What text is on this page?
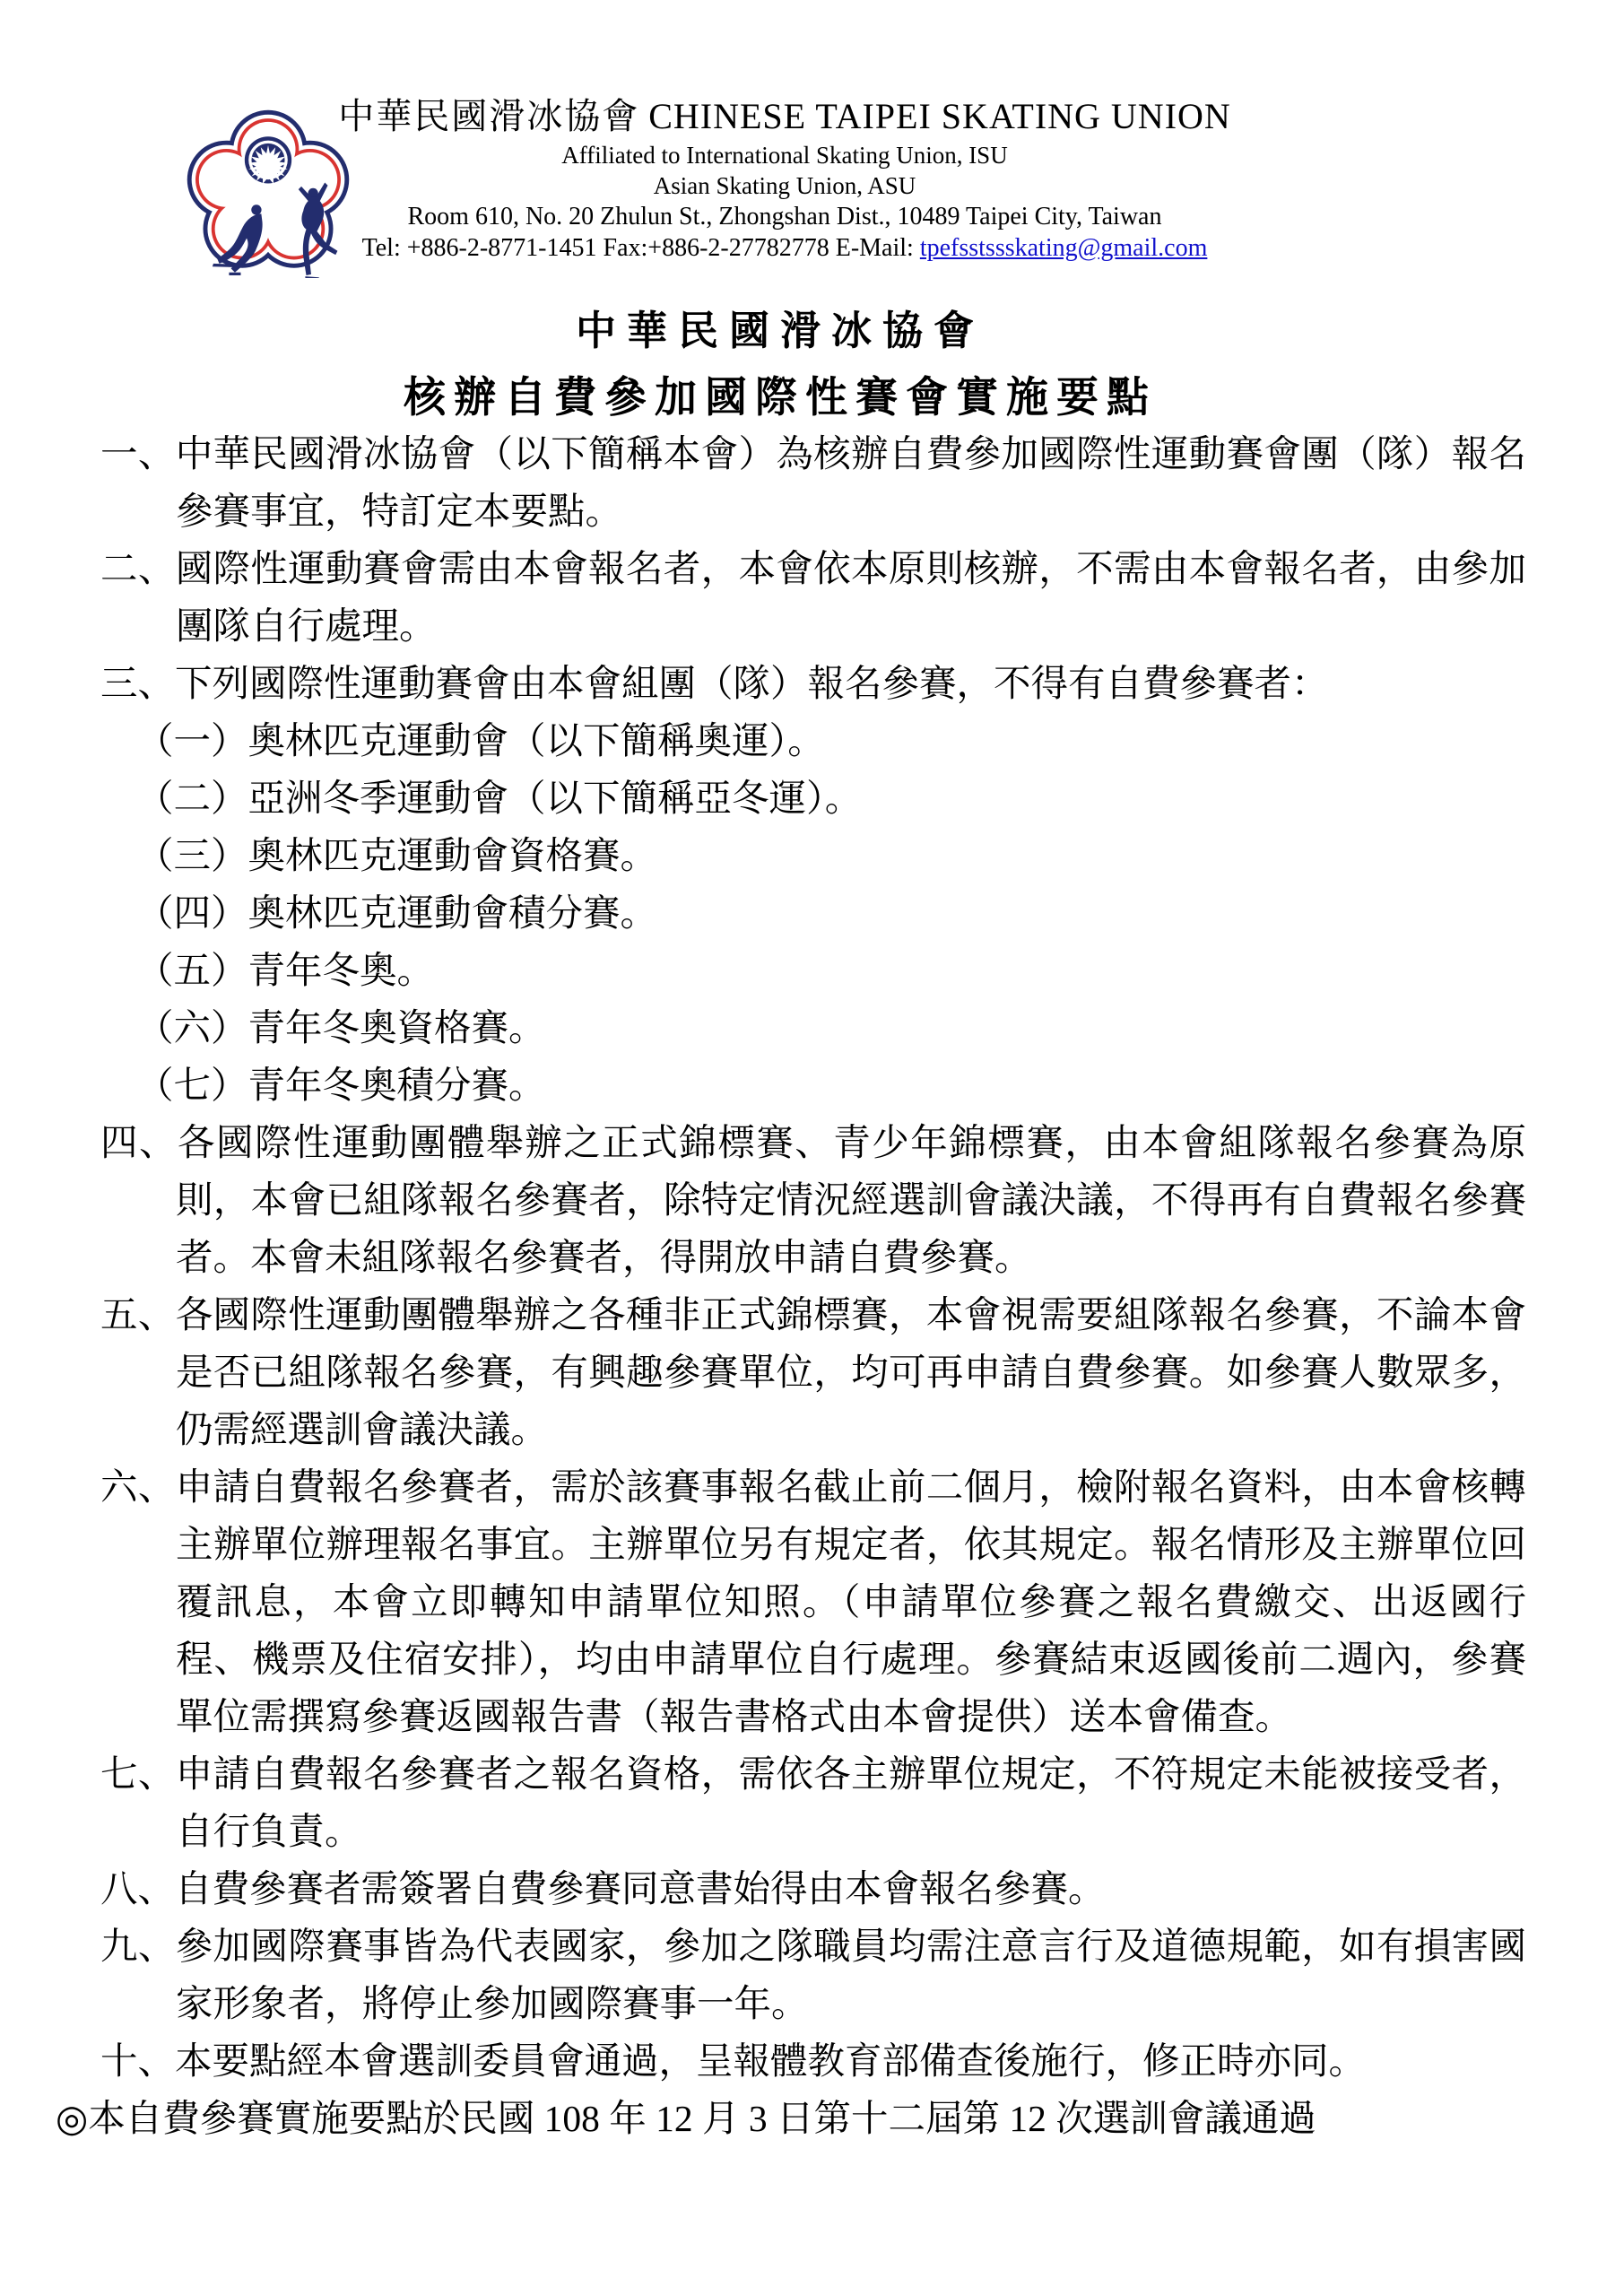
中華民國滑冰協會 CHINESE TAIPEI SKATING UNION
Affiliated to International Skating Union, ISU
Asian Skating Union, ASU
Room 610, No. 20 Zhulun St., Zhongshan Dist., 10489 Taipei City, Taiwan
Tel: +886-2-8771-1451 Fax:+886-2-27782778 E-Mail: tpefsstssskating@gmail.com
中華民國滑冰協會
核辦自費參加國際性賽會實施要點
一、中華民國滑冰協會（以下簡稱本會）為核辦自費參加國際性運動賽會團（隊）報名參賽事宜，特訂定本要點。
二、國際性運動賽會需由本會報名者，本會依本原則核辦，不需由本會報名者，由參加團隊自行處理。
三、下列國際性運動賽會由本會組團（隊）報名參賽，不得有自費參賽者：
（一）奧林匹克運動會（以下簡稱奧運）。
（二）亞洲冬季運動會（以下簡稱亞冬運）。
（三）奧林匹克運動會資格賽。
（四）奧林匹克運動會積分賽。
（五）青年冬奧。
（六）青年冬奧資格賽。
（七）青年冬奧積分賽。
四、各國際性運動團體舉辦之正式錦標賽、青少年錦標賽，由本會組隊報名參賽為原則，本會已組隊報名參賽者，除特定情況經選訓會議決議，不得再有自費報名參賽者。本會未組隊報名參賽者，得開放申請自費參賽。
五、各國際性運動團體舉辦之各種非正式錦標賽，本會視需要組隊報名參賽，不論本會是否已組隊報名參賽，有興趣參賽單位，均可再申請自費參賽。如參賽人數眾多，仍需經選訓會議決議。
六、申請自費報名參賽者，需於該賽事報名截止前二個月，檢附報名資料，由本會核轉主辦單位辦理報名事宜。主辦單位另有規定者，依其規定。報名情形及主辦單位回覆訊息，本會立即轉知申請單位知照。（申請單位參賽之報名費繳交、出返國行程、機票及住宿安排），均由申請單位自行處理。參賽結束返國後前二週內，參賽單位需撰寫參賽返國報告書（報告書格式由本會提供）送本會備查。
七、申請自費報名參賽者之報名資格，需依各主辦單位規定，不符規定未能被接受者，自行負責。
八、自費參賽者需簽署自費參賽同意書始得由本會報名參賽。
九、參加國際賽事皆為代表國家，參加之隊職員均需注意言行及道德規範，如有損害國家形象者，將停止參加國際賽事一年。
十、本要點經本會選訓委員會通過，呈報體教育部備查後施行，修正時亦同。
◎本自費參賽實施要點於民國 108 年 12 月 3 日第十二屆第 12 次選訓會議通過
